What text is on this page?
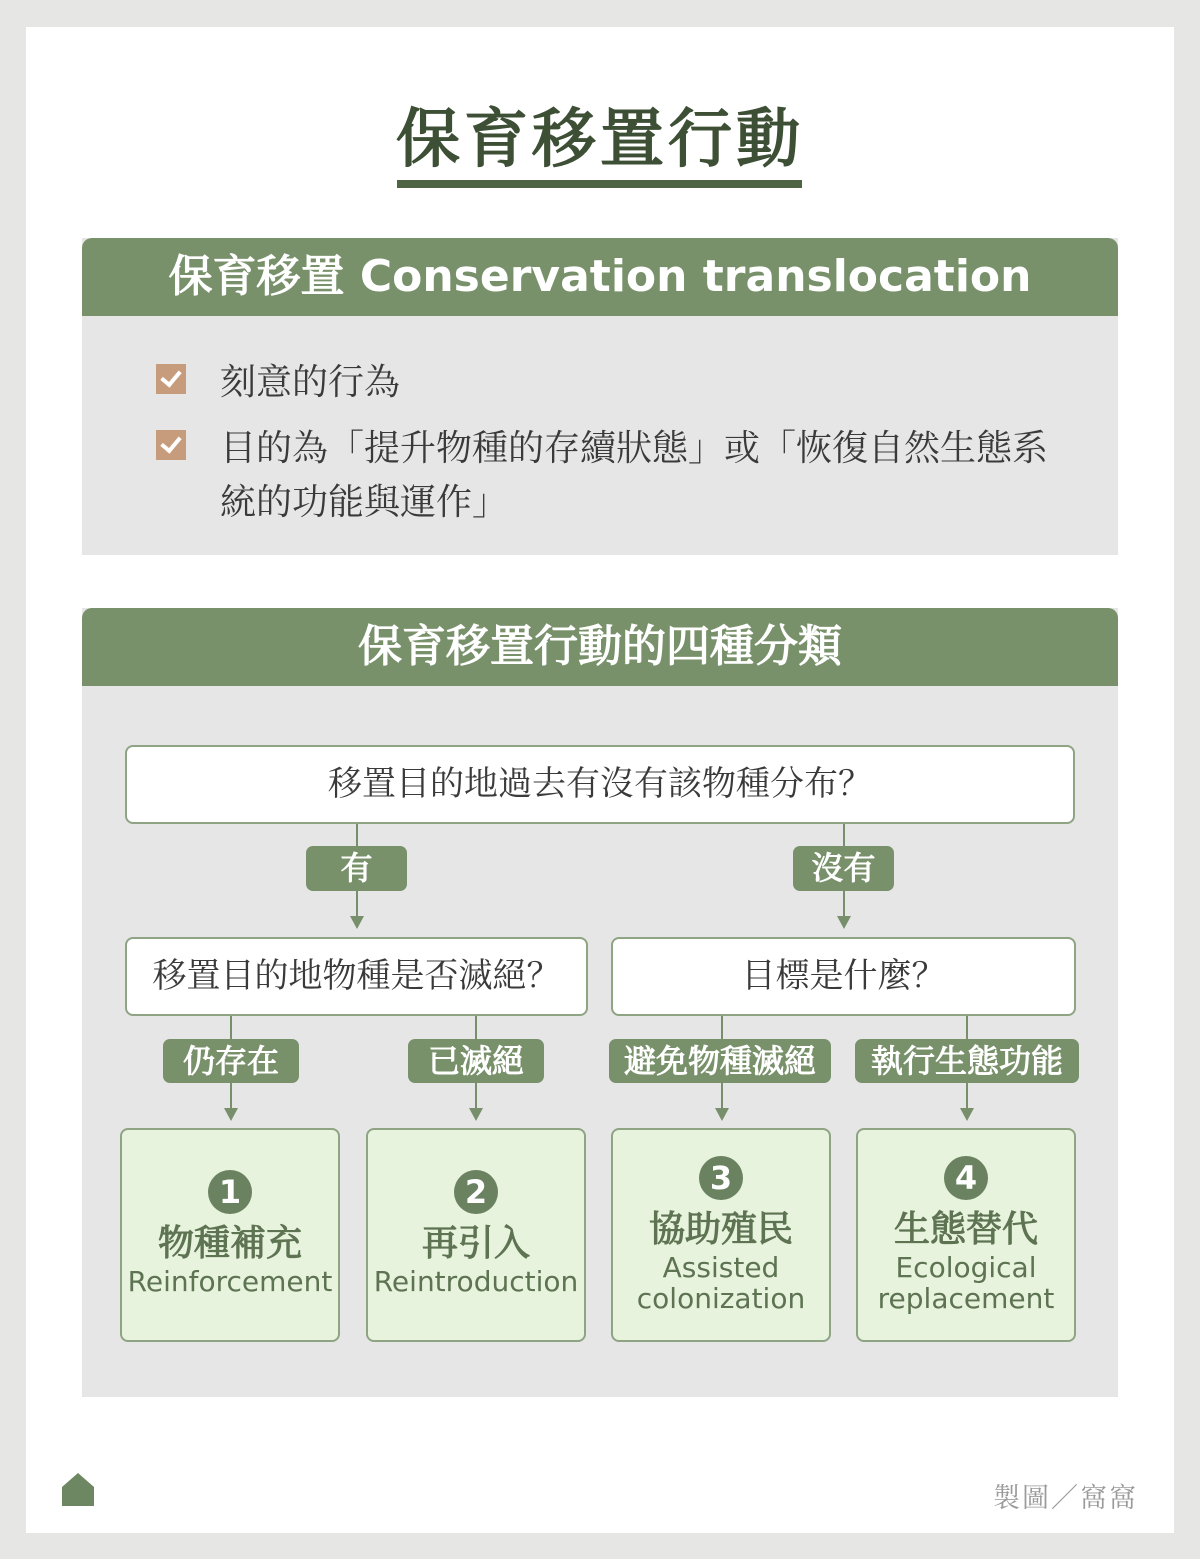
保育移置行動
保育移置 Conservation translocation
刻意的行為
目的為「提升物種的存續狀態」或「恢復自然生態系統的功能與運作」
保育移置行動的四種分類
移置目的地過去有沒有該物種分布？
有	沒有
移置目的地物種是否滅絕？	目標是什麼？
仍存在	已滅絕	避免物種滅絕	執行生態功能
1
物種補充
Reinforcement
2
再引入
Reintroduction
3
協助殖民
Assisted colonization
4
生態替代
Ecological replacement
製圖／窩窩
